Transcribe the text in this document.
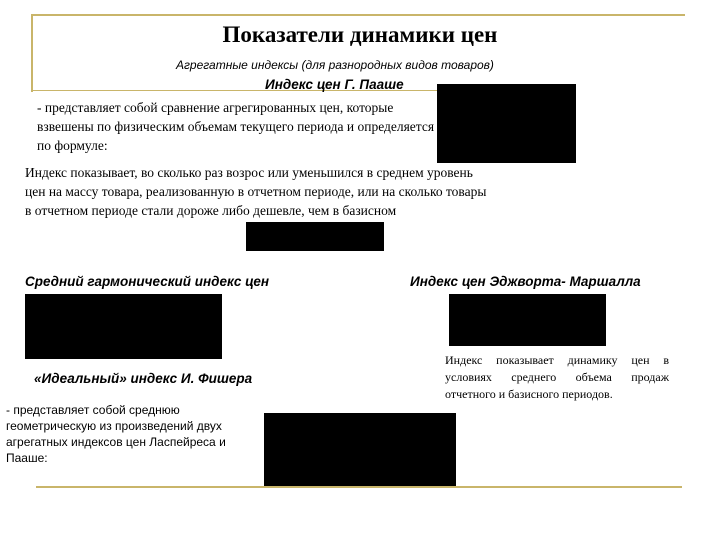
Показатели динамики цен
Агрегатные индексы (для разнородных видов товаров)
Индекс цен Г. Пааше
- представляет собой сравнение агрегированных цен, которые взвешены по физическим объемам текущего периода и определяется по формуле:
Индекс показывает, во сколько раз возрос или уменьшился в среднем уровень цен на массу товара, реализованную в отчетном периоде, или на сколько товары в отчетном периоде стали дороже либо дешевле, чем в базисном
Средний гармонический индекс цен	Индекс цен Эджворта- Маршалла
Индекс показывает динамику цен в условиях среднего объема продаж отчетного и базисного периодов.
«Идеальный» индекс И. Фишера
- представляет собой среднюю геометрическую из произведений двух агрегатных индексов цен Ласпейреса и Пааше:
